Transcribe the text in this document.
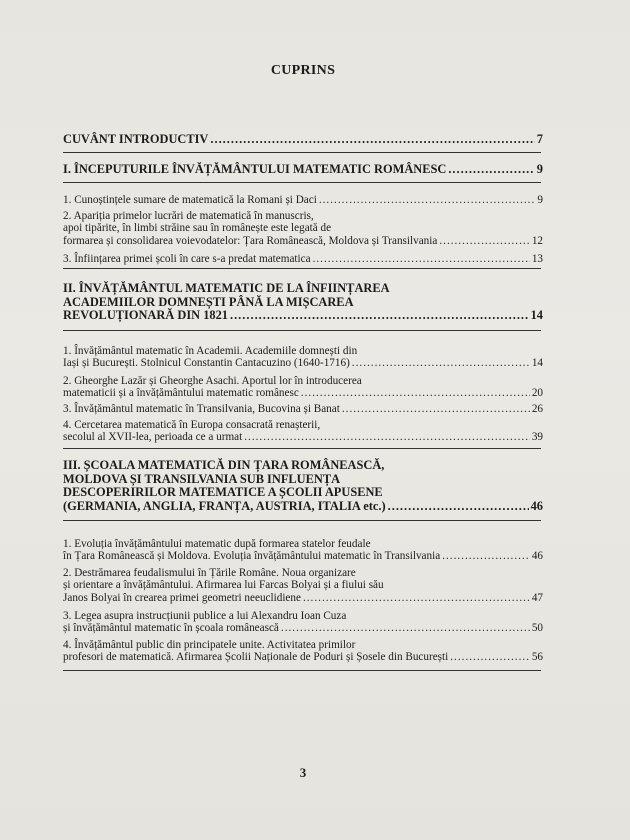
CUPRINS
CUVÂNT INTRODUCTIV .....	7
I. ÎNCEPUTURILE ÎNVĂȚĂMÂNTULUI MATEMATIC ROMÂNESC .....	9
1. Cunoștințele sumare de matematică la Romani și Daci .....	9
2. Apariția primelor lucrări de matematică în manuscris,
apoi tipărite, în limbi străine sau în românește este legată de
formarea și consolidarea voievodatelor: Țara Românească, Moldova și Transilvania .....	12
3. Înființarea primei școli în care s-a predat matematica .....	13
II. ÎNVĂȚĂMÂNTUL MATEMATIC DE LA ÎNFIINȚAREA
ACADEMIILOR DOMNEȘTI PÂNĂ LA MIȘCAREA
REVOLUȚIONARĂ DIN 1821 .....	14
1. Învățământul matematic în Academii. Academiile domnești din
Iași și București. Stolnicul Constantin Cantacuzino (1640-1716) .....	14
2. Gheorghe Lazăr și Gheorghe Asachi. Aportul lor în introducerea
matematicii și a învățământului matematic românesc .....	20
3. Învățământul matematic în Transilvania, Bucovina și Banat .....	26
4. Cercetarea matematică în Europa consacrată renașterii,
secolul al XVII-lea, perioada ce a urmat .....	39
III. ȘCOALA MATEMATICĂ DIN ȚARA ROMÂNEASCĂ,
MOLDOVA ȘI TRANSILVANIA SUB INFLUENȚA
DESCOPERIRILOR MATEMATICE A ȘCOLII APUSENE
(GERMANIA, ANGLIA, FRANȚA, AUSTRIA, ITALIA etc.) .....	46
1. Evoluția învățământului matematic după formarea statelor feudale
în Țara Românească și Moldova. Evoluția învățământului matematic în Transilvania .....	46
2. Destrămarea feudalismului în Țările Române. Noua organizare
și orientare a învățământului. Afirmarea lui Farcas Bolyai și a fiului său
Janos Bolyai în crearea primei geometri neeuclidiene .....	47
3. Legea asupra instrucțiunii publice a lui Alexandru Ioan Cuza
și învățământul matematic în școala românească .....	50
4. Învățământul public din principatele unite. Activitatea primilor
profesori de matematică. Afirmarea Școlii Naționale de Poduri și Șosele din București .....	56
3
